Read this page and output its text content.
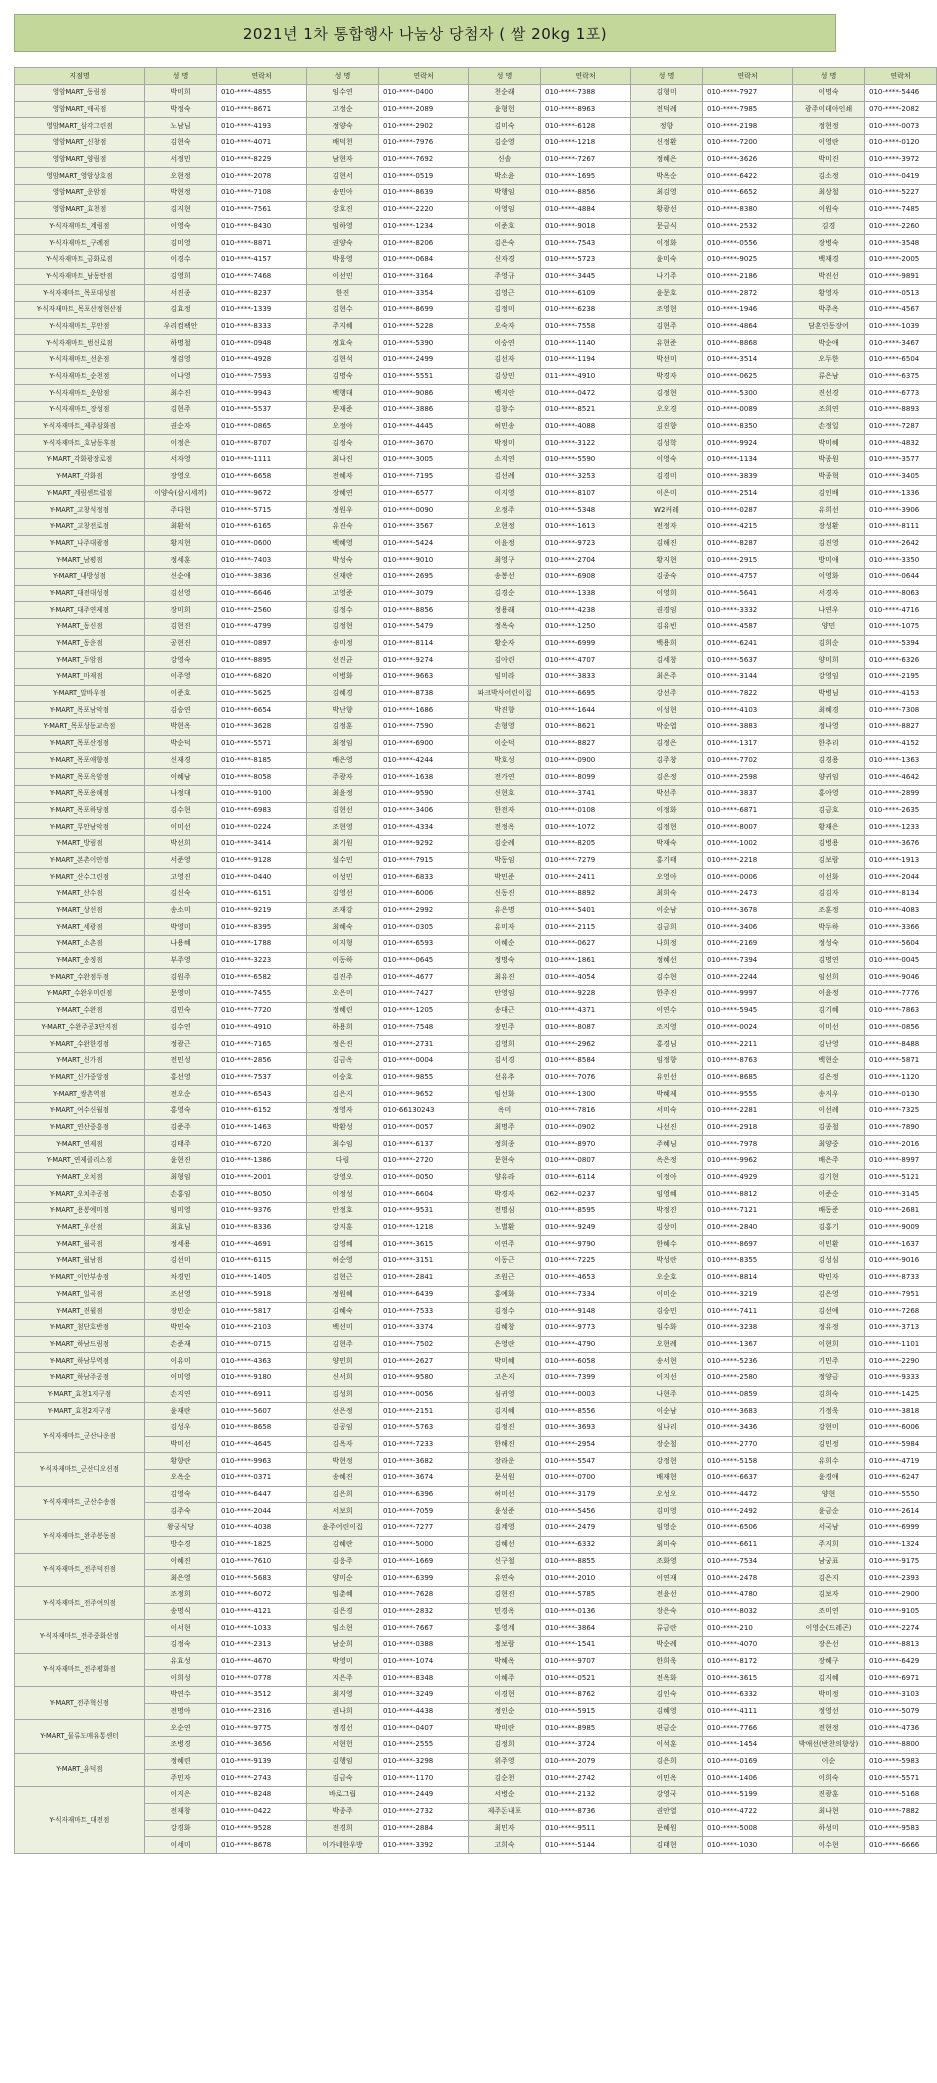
2021년 1차 통합행사 나눔상 당첨자 ( 쌀 20kg 1포)
지점명	성 명	연락처	성 명	연락처	성 명	연락처	성 명	연락처	성 명	연락처
영암MART_동림점	박미희	010-****-4855	임수연	010-****-0400	천순래	010-****-7388	김형미	010-****-7927	이명숙	010-****-5446
영암MART_매곡점	박정숙	010-****-8671	고정순	010-****-2089	윤형헌	010-****-8963	전덕례	010-****-7985	광주이데아인쇄	070-****-2082
영암MART_삼각그린점	노남님	010-****-4193	정양숙	010-****-2902	김미숙	010-****-6128	정향	010-****-2198	정현정	010-****-0073
영암MART_신창점	김현숙	010-****-4071	배덕천	010-****-7976	김순영	010-****-1218	신정환	010-****-7200	이영란	010-****-0120
영암MART_양림점	서정민	010-****-8229	남현자	010-****-7692	신솔	010-****-7267	정혜은	010-****-3626	박미진	010-****-3972
영암MART_영암상호점	오현정	010-****-2078	김현서	010-****-0519	박소윤	010-****-1695	박옥순	010-****-6422	김소정	010-****-0419
영암MART_운암점	박현정	010-****-7108	송민아	010-****-8639	박행임	010-****-8856	최김영	010-****-6652	최상철	010-****-5227
영암MART_효천점	김지현	010-****-7561	강호진	010-****-2220	이영임	010-****-4884	황광선	010-****-8380	이원숙	010-****-7485
Y-식자재마트_계림점	이영숙	010-****-8430	임하영	010-****-1234	이준호	010-****-9018	문금식	010-****-2532	김경	010-****-2260
Y-식자재마트_구례점	김미영	010-****-8871	권양숙	010-****-8206	김은숙	010-****-7543	이정화	010-****-0556	장병숙	010-****-3548
Y-식자재마트_금화로점	이경수	010-****-4157	박웅영	010-****-0684	신자경	010-****-5723	윤미숙	010-****-9025	백재경	010-****-2005
Y-식자재마트_남동탄점	김영희	010-****-7468	이선민	010-****-3164	주영규	010-****-3445	나기주	010-****-2186	박진선	010-****-9891
Y-식자재마트_목포대성점	서진종	010-****-8237	한진	010-****-3354	김영근	010-****-6109	윤문호	010-****-2872	황영자	010-****-0513
Y-식자재마트_목포산정현산점	김효정	010-****-1339	김현수	010-****-8699	김정미	010-****-6238	조영현	010-****-1946	박주옥	010-****-4567
Y-식자재마트_무안점	우리컴팩안	010-****-8333	주지혜	010-****-5228	오숙자	010-****-7558	김현주	010-****-4864	담혼인동장어	010-****-1039
Y-식자재마트_범신로점	하명철	010-****-0948	정효숙	010-****-5390	이승연	010-****-1140	유현준	010-****-8868	박순애	010-****-3467
Y-식자재마트_선운점	정검영	010-****-4928	김현석	010-****-2499	김선자	010-****-1194	박선미	010-****-3514	오두한	010-****-6504
Y-식자재마트_순천점	이나영	010-****-7593	김명숙	010-****-5551	김상민	011-****-4910	박경자	010-****-0625	류은남	010-****-6375
Y-식자재마트_운암점	최수진	010-****-9943	백행대	010-****-9086	백지안	010-****-0472	김정현	010-****-5300	진선경	010-****-6773
Y-식자재마트_장성점	김현주	010-****-5537	문재준	010-****-3886	김창수	010-****-8521	오오경	010-****-0089	조희연	010-****-8893
Y-식자재마트_제주삼화점	권순자	010-****-0865	오정아	010-****-4445	허민송	010-****-4088	김진향	010-****-8350	손정일	010-****-7287
Y-식자재마트_호남동후점	이정은	010-****-8707	김정숙	010-****-3670	박정미	010-****-3122	김성학	010-****-9924	박미혜	010-****-4832
Y-MART_각화광장로점	서자영	010-****-1111	최나진	010-****-3005	소지연	010-****-5590	이영숙	010-****-1134	박종원	010-****-3577
Y-MART_각화점	장영오	010-****-6658	전혜자	010-****-7195	김선례	010-****-3253	김경미	010-****-3839	박종혁	010-****-3405
Y-MART_계림센트럴점	이양숙(삼시세끼)	010-****-9672	장혜연	010-****-6577	이지영	010-****-8107	이은미	010-****-2514	김인배	010-****-1336
Y-MART_고창석정점	주다현	010-****-5715	정원우	010-****-0090	오정주	010-****-5348	W2커레	010-****-0287	유희선	010-****-3906
Y-MART_고창전로점	최환석	010-****-6165	유진숙	010-****-3567	오현정	010-****-1613	전정자	010-****-4215	장성환	010-****-8111
Y-MART_나주대광점	황지현	010-****-0600	백혜영	010-****-5424	이윤정	010-****-9723	김해진	010-****-8287	김진영	010-****-2642
Y-MART_남평점	정세훈	010-****-7403	박성숙	010-****-9010	최영구	010-****-2704	황지현	010-****-2915	방미애	010-****-3350
Y-MART_내방성점	신순애	010-****-3836	신재란	010-****-2695	송봉선	010-****-6908	김종숙	010-****-4757	이영화	010-****-0644
Y-MART_대전대성점	김선영	010-****-6646	고영준	010-****-3079	김경순	010-****-1338	이영희	010-****-5641	서경자	010-****-8063
Y-MART_대주연제점	장미희	010-****-2560	김정수	010-****-8856	정용래	010-****-4238	권경임	010-****-3332	나연우	010-****-4716
Y-MART_동신점	김현진	010-****-4799	김정현	010-****-5479	정옥숙	010-****-1250	김유빈	010-****-4587	양민	010-****-1075
Y-MART_동운점	공현진	010-****-0897	송미정	010-****-8114	황순자	010-****-6999	백용희	010-****-6241	김희순	010-****-5394
Y-MART_두암점	강영숙	010-****-8895	선진균	010-****-9274	김아린	010-****-4707	김세창	010-****-5637	양미희	010-****-6326
Y-MART_마재점	이주영	010-****-6820	이병화	010-****-9663	임미라	010-****-3833	최은주	010-****-3144	강영임	010-****-2195
Y-MART_말바우점	이준호	010-****-5625	김혜경	010-****-8738	파크박사어린이집	010-****-6695	강선주	010-****-7822	박병님	010-****-4153
Y-MART_목포남악점	김승연	010-****-6654	박난향	010-****-1686	박진향	010-****-1644	이성현	010-****-4103	최혜경	010-****-7308
Y-MART_목포상동교속점	박현옥	010-****-3628	김정훈	010-****-7590	손형영	010-****-8621	박순엽	010-****-3883	정나영	010-****-8827
Y-MART_목포산정점	박순덕	010-****-5571	최정임	010-****-6900	이순덕	010-****-8827	김정은	010-****-1317	한추리	010-****-4152
Y-MART_목포애향점	신재경	010-****-8185	배은영	010-****-4244	박호성	010-****-0900	김주창	010-****-7702	김경용	010-****-1363
Y-MART_목포옥암점	이혜남	010-****-8058	주광자	010-****-1638	전가연	010-****-8099	김은정	010-****-2598	양귀임	010-****-4642
Y-MART_목포용해점	나정대	010-****-9100	최윤정	010-****-9590	신현호	010-****-3741	박선주	010-****-3837	홍아영	010-****-2899
Y-MART_목포하당점	김수현	010-****-6983	김현선	010-****-3406	한전자	010-****-0108	이정화	010-****-6871	김금호	010-****-2635
Y-MART_무안남악점	이미선	010-****-0224	조현영	010-****-4334	전정옥	010-****-1072	김정현	010-****-8007	황재은	010-****-1233
Y-MART_방림점	박선희	010-****-3414	최기원	010-****-9292	김순례	010-****-8205	박재숙	010-****-1002	김병용	010-****-3676
Y-MART_본촌이안점	서준영	010-****-9128	설수민	010-****-7915	박동임	010-****-7279	홍기태	010-****-2218	김보람	010-****-1913
Y-MART_산수그린점	고영진	010-****-0440	이성민	010-****-6833	박민준	010-****-2411	오영아	010-****-0006	이선화	010-****-2044
Y-MART_산수점	김신숙	010-****-6151	김영선	010-****-6006	신동진	010-****-8892	최희숙	010-****-2473	김김자	010-****-8134
Y-MART_상선점	송소미	010-****-9219	조재강	010-****-2992	유은명	010-****-5401	이순남	010-****-3678	조훈정	010-****-4083
Y-MART_세광점	박영미	010-****-8395	최혜숙	010-****-0305	유미자	010-****-2115	김금희	010-****-3406	박두하	010-****-3366
Y-MART_소촌점	나용혜	010-****-1788	이지형	010-****-6593	이혜순	010-****-0627	나희정	010-****-2169	정성숙	010-****-5604
Y-MART_송정점	부주영	010-****-3223	이동하	010-****-0645	정명숙	010-****-1861	정혜선	010-****-7394	김명연	010-****-0045
Y-MART_수완점두점	김원주	010-****-6582	김진주	010-****-4677	최유진	010-****-4054	김수현	010-****-2244	임선희	010-****-9046
Y-MART_수완우미린점	문영미	010-****-7455	오은미	010-****-7427	안영임	010-****-9228	한주진	010-****-9997	이윤정	010-****-7776
Y-MART_수완점	김민숙	010-****-7720	정혜린	010-****-1205	송대근	010-****-4371	이연수	010-****-5945	김기혜	010-****-7863
Y-MART_수완주공3단지점	김수연	010-****-4910	하용희	010-****-7548	장민주	010-****-8087	조지영	010-****-0024	이미선	010-****-0856
Y-MART_수완한경점	정광근	010-****-7165	정은진	010-****-2731	김영희	010-****-2962	홍경님	010-****-2211	김난영	010-****-8488
Y-MART_신가점	전민성	010-****-2856	김금옥	010-****-0004	김서경	010-****-8584	임정향	010-****-8763	백현순	010-****-5871
Y-MART_신가중앙점	홍선영	010-****-7537	이승호	010-****-9855	선유추	010-****-7076	유인선	010-****-8685	김은정	010-****-1120
Y-MART_쌍촌역점	전오순	010-****-6543	김은지	010-****-9652	임선화	010-****-1300	박혜제	010-****-9555	송지우	010-****-0130
Y-MART_여수신월점	홍영숙	010-****-6152	정영자	010-66130243	옥미	010-****-7816	서미숙	010-****-2281	이선례	010-****-7325
Y-MART_연산중흥점	김준주	010-****-1463	박환성	010-****-0057	최명주	010-****-0902	나선진	010-****-2918	김종철	010-****-7890
Y-MART_연제점	김태주	010-****-6720	최수임	010-****-6137	정희종	010-****-8970	주혜님	010-****-7978	최양중	010-****-2016
Y-MART_연제클리스점	윤현진	010-****-1386	다림	010-****-2720	문현숙	010-****-0807	옥은정	010-****-9962	배은주	010-****-8997
Y-MART_오치점	최형임	010-****-2001	강영오	010-****-0050	양유라	010-****-6114	이정아	010-****-4929	김기현	010-****-5121
Y-MART_오치주공점	손홍임	010-****-8050	이정성	010-****-6604	박경자	062-****-0237	임영혜	010-****-8812	이준순	010-****-3145
Y-MART_용봉예미점	임미영	010-****-9376	안정호	010-****-9531	전명심	010-****-8595	박정진	010-****-7121	배동준	010-****-2681
Y-MART_우산점	최효님	010-****-8336	강지훈	010-****-1218	노별환	010-****-9249	김상미	010-****-2840	김홍기	010-****-9009
Y-MART_월곡점	정세용	010-****-4691	김영혜	010-****-3615	이연주	010-****-9790	한혜수	010-****-8697	이민환	010-****-1637
Y-MART_월남점	김선미	010-****-6115	허순영	010-****-3151	이동근	010-****-7225	박성란	010-****-8355	김성심	010-****-9016
Y-MART_이안부송점	차경민	010-****-1405	김현근	010-****-2841	조원근	010-****-4653	오순호	010-****-8814	박민자	010-****-8733
Y-MART_일곡점	조선영	010-****-5918	정원혜	010-****-6439	홍예화	010-****-7334	이미순	010-****-3219	김은영	010-****-7951
Y-MART_진월점	장민순	010-****-5817	김혜숙	010-****-7533	김정수	010-****-9148	김승민	010-****-7411	김선예	010-****-7268
Y-MART_첨단호반점	박민숙	010-****-2103	백선미	010-****-3374	김혜창	010-****-9773	임수화	010-****-3238	정유정	010-****-3713
Y-MART_하남드림점	손준재	010-****-0715	김현주	010-****-7502	은영란	010-****-4790	오현례	010-****-1367	이현희	010-****-1101
Y-MART_하남무역점	이유미	010-****-4363	양민희	010-****-2627	박미혜	010-****-6058	송서현	010-****-5236	기민주	010-****-2290
Y-MART_하남주공점	이미영	010-****-9180	신서희	010-****-9580	고은지	010-****-7399	이지선	010-****-2580	정양금	010-****-9333
Y-MART_효천1지구점	손지연	010-****-6911	김성희	010-****-0056	심귀영	010-****-0003	나현주	010-****-0859	김희숙	010-****-1425
Y-MART_효천2지구점	윤재란	010-****-5607	선은정	010-****-2151	김지혜	010-****-8556	이순남	010-****-3683	기정욱	010-****-3818
Y-식자재마트_군산나운점	김성우	010-****-8658	김공임	010-****-5763	김정진	010-****-3693	심나리	010-****-3436	강현미	010-****-6006
	박미선	010-****-4645	김옥자	010-****-7233	한해진	010-****-2954	장순철	010-****-2770	김민정	010-****-5984
Y-식자재마트_군산디오션점	황향란	010-****-9963	박현정	010-****-3682	장라운	010-****-5547	강정현	010-****-5158	유희수	010-****-4719
	오옥순	010-****-0371	송혜진	010-****-3674	문석원	010-****-0700	배재현	010-****-6637	윤경애	010-****-6247
Y-식자재마트_군산수송점	김영숙	010-****-6447	김은희	010-****-6396	허미선	010-****-3179	오성오	010-****-4472	양현	010-****-5550
	김주숙	010-****-2044	서보희	010-****-7059	윤성준	010-****-5456	김미영	010-****-2492	윤금순	010-****-2614
Y-식자재마트_완주봉동점	왕궁식당	010-****-4038	윤주어린이집	010-****-7277	김계영	010-****-2479	임영순	010-****-6506	서국남	010-****-6999
	방수경	010-****-1825	김혜란	010-****-5000	김혜선	010-****-6332	최미숙	010-****-6611	주지희	010-****-1324
Y-식자재마트_전주덕진점	이혜진	010-****-7610	김응주	010-****-1669	신구철	010-****-8855	조화영	010-****-7534	남궁표	010-****-9175
	최은영	010-****-5683	양미순	010-****-6399	유연숙	010-****-2010	이연재	010-****-2478	김은지	010-****-2393
Y-식자재마트_전주여의점	조정희	010-****-6072	임춘혜	010-****-7628	김현진	010-****-5785	전윤선	010-****-4780	김보자	010-****-2900
	송명식	010-****-4121	김은경	010-****-2832	민경옥	010-****-0136	장은숙	010-****-8032	조미연	010-****-9105
Y-식자재마트_전주중화산점	이서현	010-****-1033	임소현	010-****-7667	홍영계	010-****-3864	류금란	010-****-210	이영순(드레곤)	010-****-2274
	김정숙	010-****-2313	남순희	010-****-0388	정보람	010-****-1541	박순례	010-****-4070	장은선	010-****-8813
Y-식자재마트_전주평화점	유효성	010-****-4670	박영미	010-****-1074	박혜옥	010-****-9707	한희욱	010-****-8172	장혜구	010-****-6429
	이희성	010-****-0778	지은주	010-****-8348	이혜주	010-****-0521	전옥화	010-****-3615	김지혜	010-****-6971
Y-MART_전주혁신점	박연수	010-****-3512	최지영	010-****-3249	이경현	010-****-8762	김인숙	010-****-6332	박미정	010-****-3103
	전명아	010-****-2316	권나희	010-****-4438	정인순	010-****-5915	김혜영	010-****-4111	정영선	010-****-5079
Y-MART_물류도매유통센터	오순연	010-****-9775	정경선	010-****-0407	박미란	010-****-8985	편금순	010-****-7766	전현정	010-****-4736
	조병경	010-****-3656	서현헌	010-****-2555	김정희	010-****-3724	이석훈	010-****-1454	박애선(반찬의향상)	010-****-8800
Y-MART_유덕점	정혜련	010-****-9139	김행임	010-****-3298	위주영	010-****-2079	김은희	010-****-0169	이순	010-****-5983
	주민자	010-****-2743	김금숙	010-****-1170	김순천	010-****-2742	이민옥	010-****-1406	이희숙	010-****-5571
Y-식자재마트_대전점	이지은	010-****-8248	바로그립	010-****-2449	서병순	010-****-2132	강영국	010-****-5199	진광훈	010-****-5168
	전재창	010-****-0422	박종주	010-****-2732	제주돈내포	010-****-8736	권안열	010-****-4722	최나현	010-****-7882
	강경화	010-****-9528	전경희	010-****-2884	최민자	010-****-9511	문혜원	010-****-5008	하성미	010-****-9583
	이세미	010-****-8678	이가네한우방	010-****-3392	고희숙	010-****-5144	김태현	010-****-1030	이수현	010-****-6666
